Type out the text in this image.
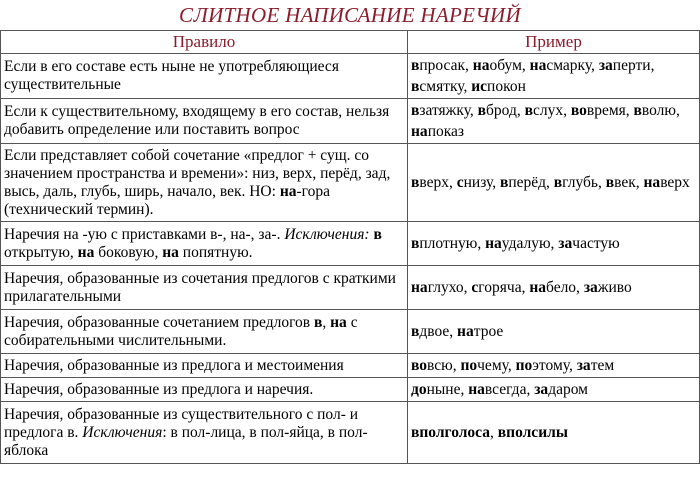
СЛИТНОЕ НАПИСАНИЕ НАРЕЧИЙ
Правило	Пример
Если в его составе есть ныне не употребляющиеся существительные	впросак, наобум, насмарку, заперти, всмятку, испокон
Если к существительному, входящему в его состав, нельзя добавить определение или поставить вопрос	взатяжку, вброд, вслух, вовремя, вволю, напоказ
Если представляет собой сочетание «предлог + сущ. со значением пространства и времени»: низ, верх, перёд, зад, высь, даль, глубь, ширь, начало, век. НО: на-гора (технический термин).	вверх, снизу, вперёд, вглубь, ввек, наверх
Наречия на -ую с приставками в-, на-, за-. Исключения: в открытую, на боковую, на попятную.	вплотную, наудалую, зачастую
Наречия, образованные из сочетания предлогов с краткими прилагательными	наглухо, сгоряча, набело, заживо
Наречия, образованные сочетанием предлогов в, на с собирательными числительными.	вдвое, натрое
Наречия, образованные из предлога и местоимения	вовсю, почему, поэтому, затем
Наречия, образованные из предлога и наречия.	доныне, навсегда, задаром
Наречия, образованные из существительного с пол- и предлога в. Исключения: в пол-лица, в пол-яйца, в пол-яблока	вполголоса, вполсилы
